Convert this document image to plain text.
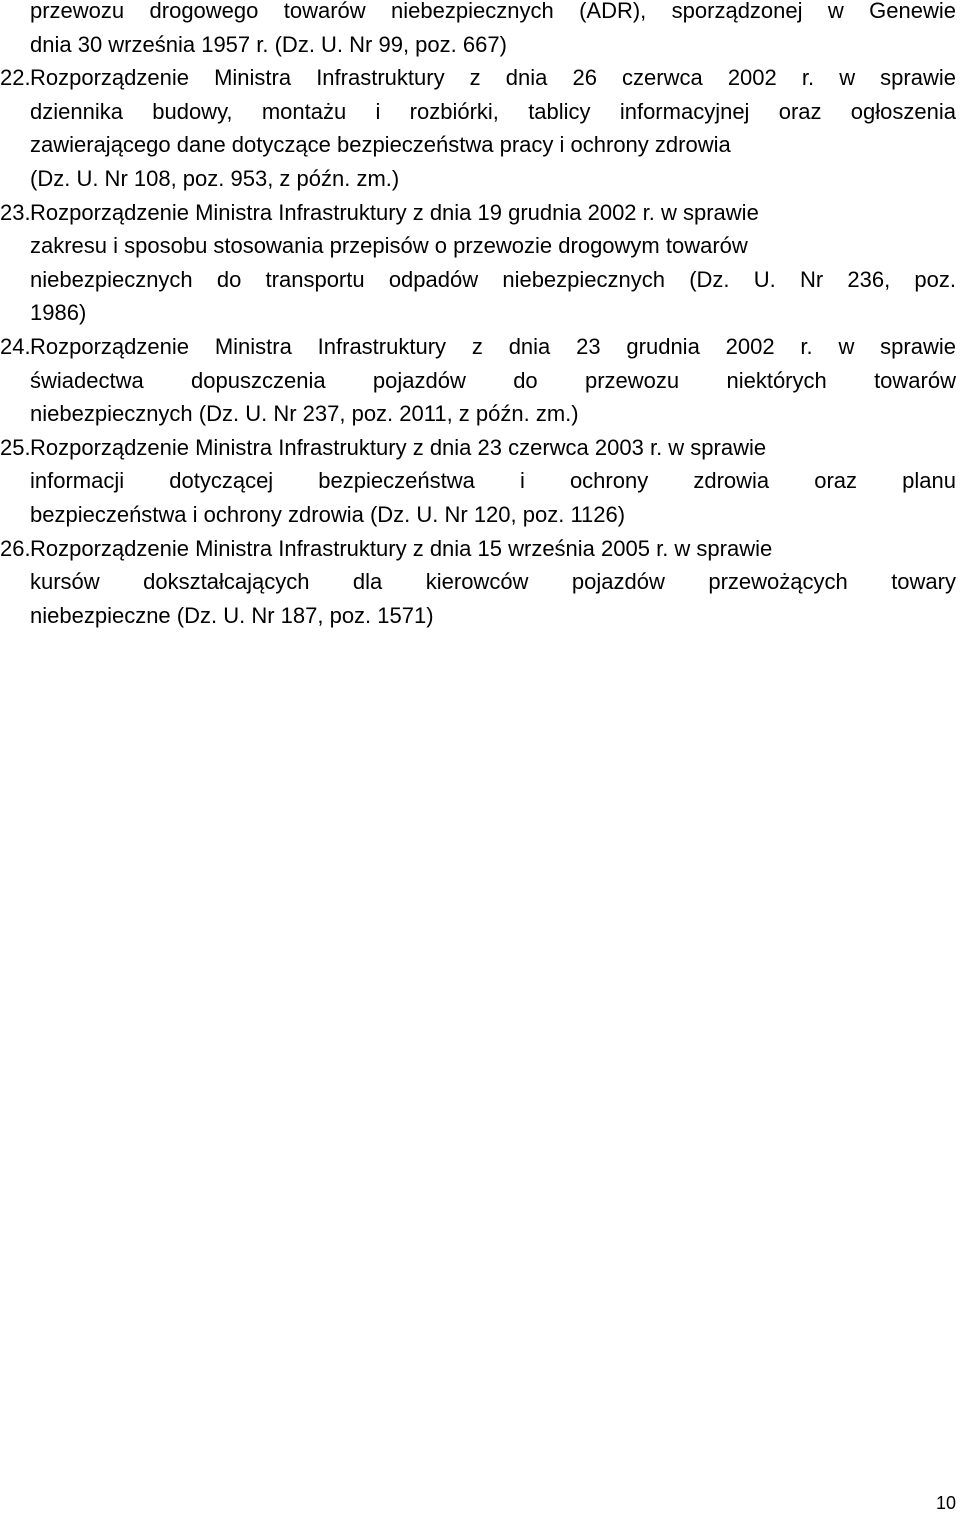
przewozu drogowego towarów niebezpiecznych (ADR), sporządzonej w Genewie
dnia 30 września 1957 r. (Dz. U. Nr 99, poz. 667)
22.Rozporządzenie Ministra Infrastruktury z dnia 26 czerwca 2002 r. w sprawie
dziennika budowy, montażu i rozbiórki, tablicy informacyjnej oraz ogłoszenia
zawierającego dane dotyczące bezpieczeństwa pracy i ochrony zdrowia
(Dz. U. Nr 108, poz. 953, z późn. zm.)
23.Rozporządzenie Ministra Infrastruktury z dnia 19 grudnia 2002 r. w sprawie
zakresu i sposobu stosowania przepisów o przewozie drogowym towarów
niebezpiecznych do transportu odpadów niebezpiecznych (Dz. U. Nr 236, poz.
1986)
24.Rozporządzenie Ministra Infrastruktury z dnia 23 grudnia 2002 r. w sprawie
świadectwa dopuszczenia pojazdów do przewozu niektórych towarów
niebezpiecznych (Dz. U. Nr 237, poz. 2011, z późn. zm.)
25.Rozporządzenie Ministra Infrastruktury z dnia 23 czerwca 2003 r. w sprawie
informacji dotyczącej bezpieczeństwa i ochrony zdrowia oraz planu
bezpieczeństwa i ochrony zdrowia (Dz. U. Nr 120, poz. 1126)
26.Rozporządzenie Ministra Infrastruktury z dnia 15 września 2005 r. w sprawie
kursów dokształcających dla kierowców pojazdów przewożących towary
niebezpieczne (Dz. U. Nr 187, poz. 1571)
10
